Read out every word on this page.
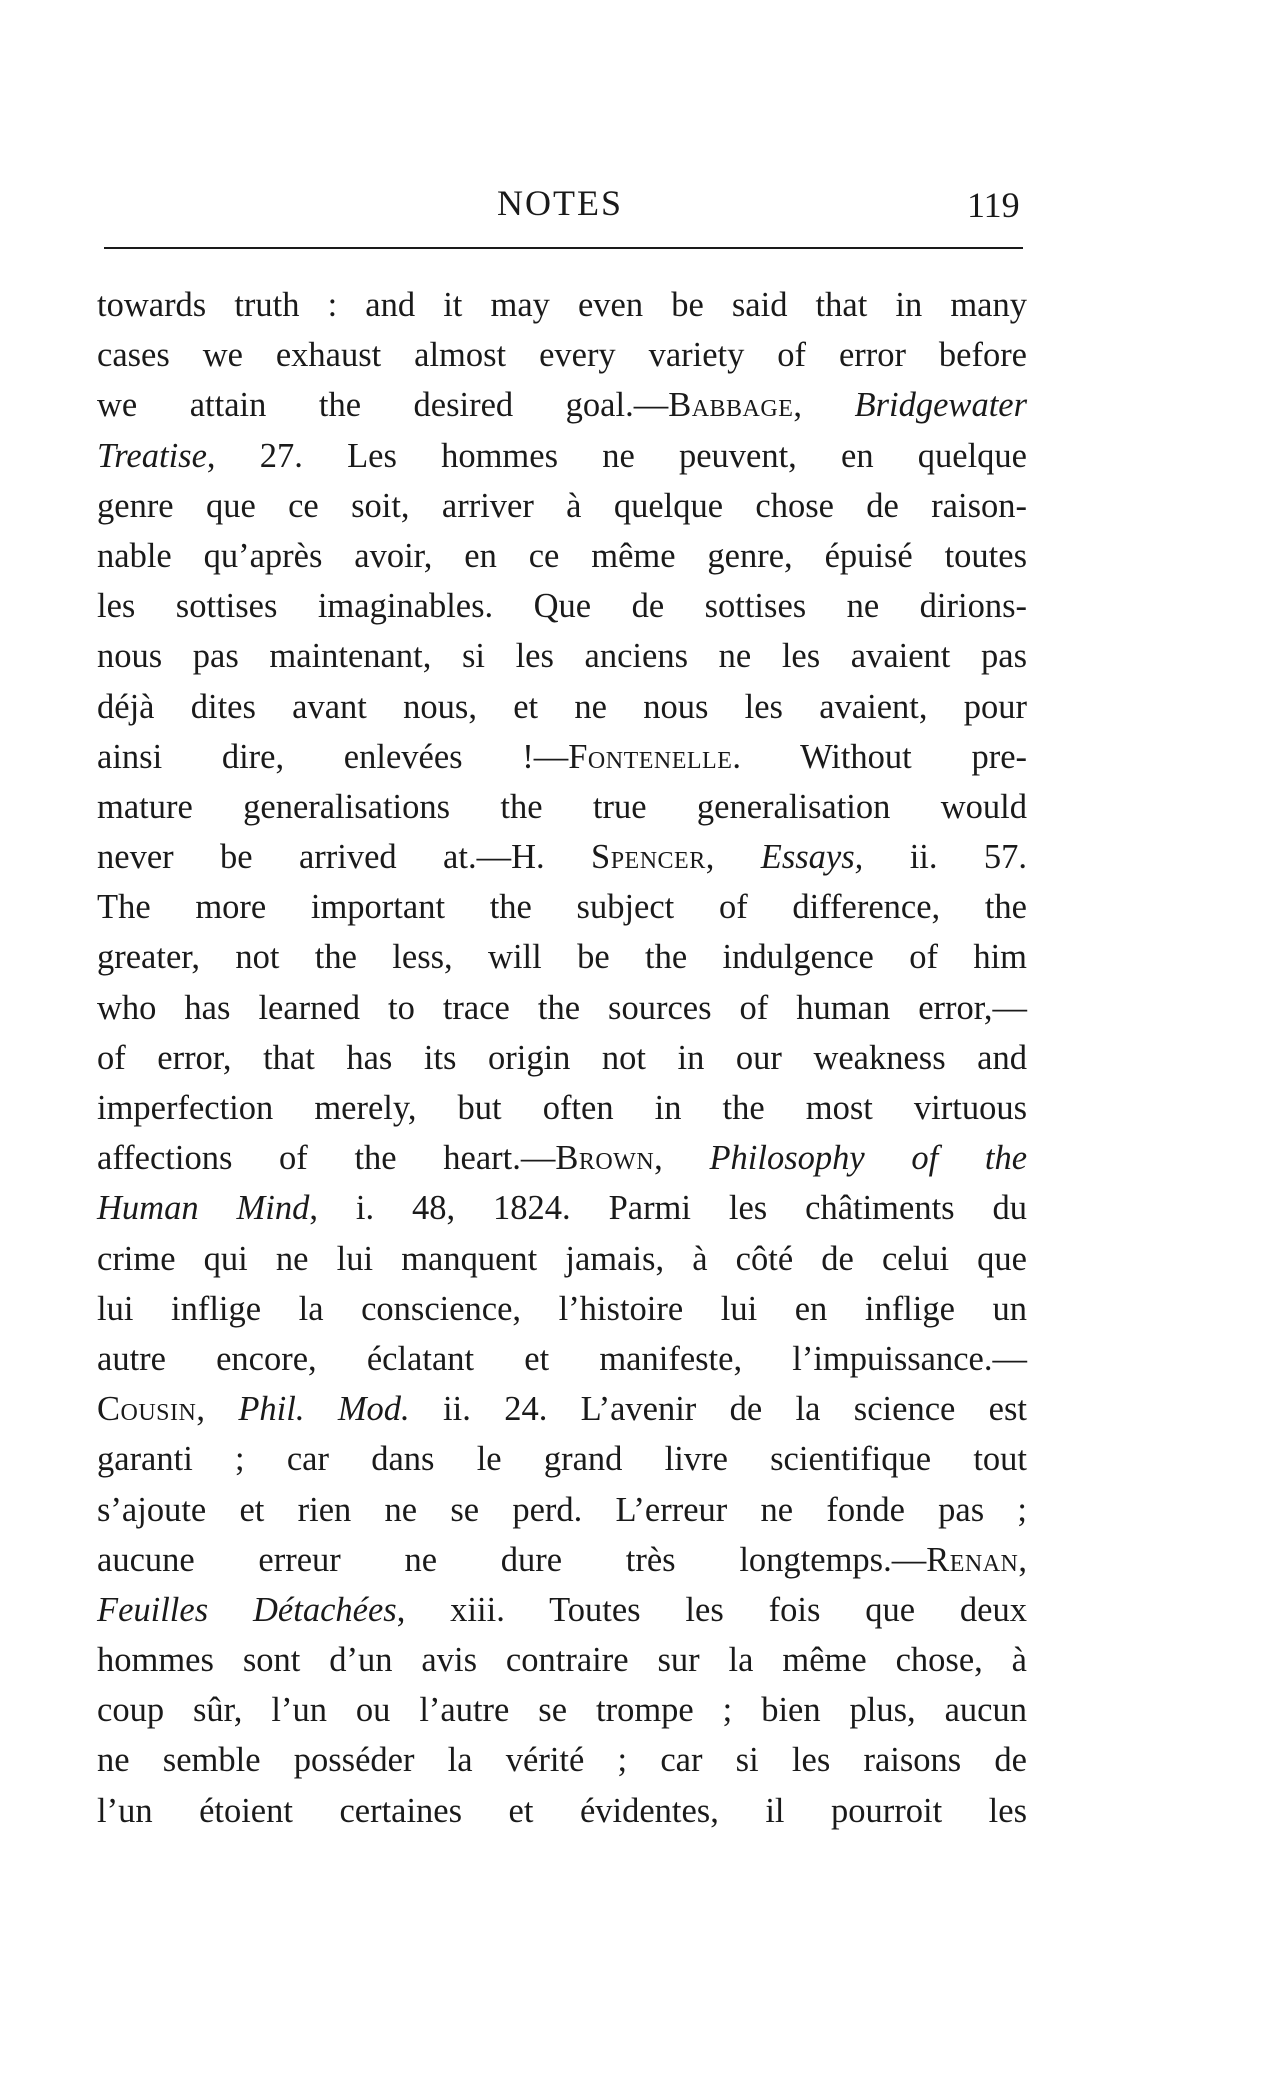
NOTES	119
towards truth : and it may even be said that in many
cases we exhaust almost every variety of error before
we attain the desired goal.—Babbage, Bridgewater
Treatise, 27. Les hommes ne peuvent, en quelque
genre que ce soit, arriver à quelque chose de raison-
nable qu’après avoir, en ce même genre, épuisé toutes
les sottises imaginables. Que de sottises ne dirions-
nous pas maintenant, si les anciens ne les avaient pas
déjà dites avant nous, et ne nous les avaient, pour
ainsi dire, enlevées !—Fontenelle. Without pre-
mature generalisations the true generalisation would
never be arrived at.—H. Spencer, Essays, ii. 57.
The more important the subject of difference, the
greater, not the less, will be the indulgence of him
who has learned to trace the sources of human error,—
of error, that has its origin not in our weakness and
imperfection merely, but often in the most virtuous
affections of the heart.—Brown, Philosophy of the
Human Mind, i. 48, 1824. Parmi les châtiments du
crime qui ne lui manquent jamais, à côté de celui que
lui inflige la conscience, l’histoire lui en inflige un
autre encore, éclatant et manifeste, l’impuissance.—
Cousin, Phil. Mod. ii. 24. L’avenir de la science est
garanti ; car dans le grand livre scientifique tout
s’ajoute et rien ne se perd. L’erreur ne fonde pas ;
aucune erreur ne dure très longtemps.—Renan,
Feuilles Détachées, xiii. Toutes les fois que deux
hommes sont d’un avis contraire sur la même chose, à
coup sûr, l’un ou l’autre se trompe ; bien plus, aucun
ne semble posséder la vérité ; car si les raisons de
l’un étoient certaines et évidentes, il pourroit les
